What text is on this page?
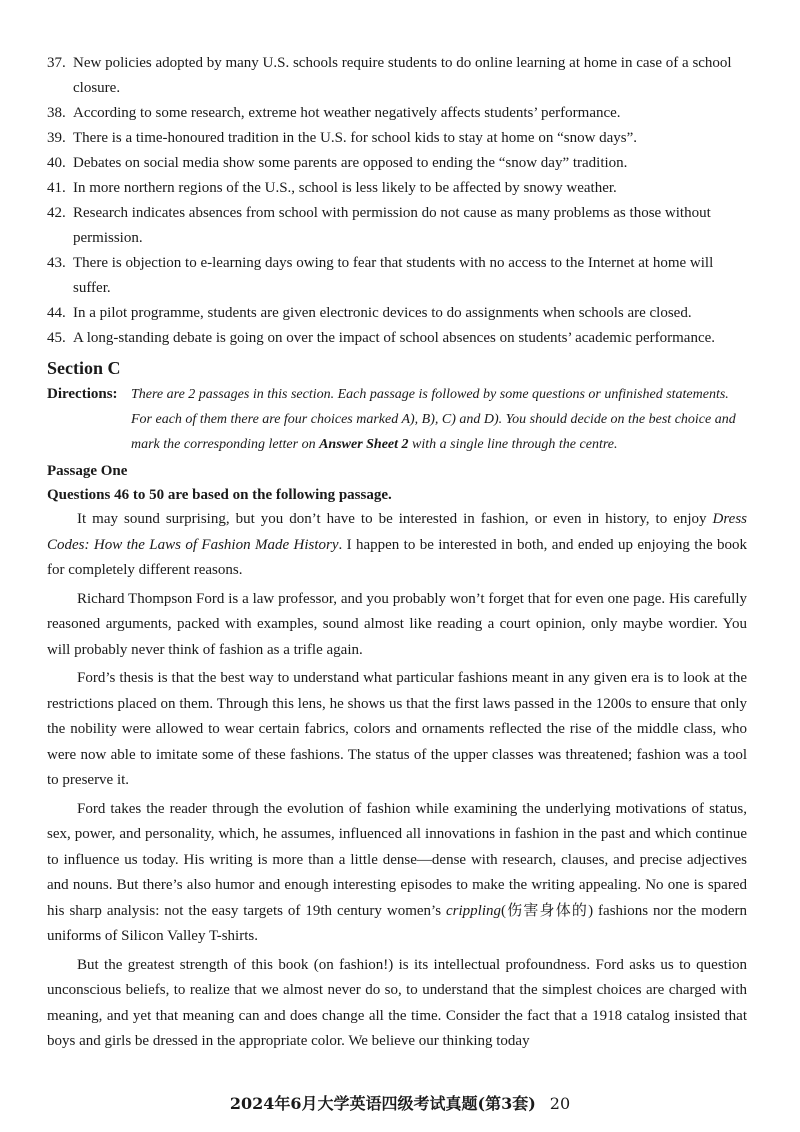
37. New policies adopted by many U.S. schools require students to do online learning at home in case of a school closure.
38. According to some research, extreme hot weather negatively affects students’ performance.
39. There is a time-honoured tradition in the U.S. for school kids to stay at home on “snow days”.
40. Debates on social media show some parents are opposed to ending the “snow day” tradition.
41. In more northern regions of the U.S., school is less likely to be affected by snowy weather.
42. Research indicates absences from school with permission do not cause as many problems as those without permission.
43. There is objection to e-learning days owing to fear that students with no access to the Internet at home will suffer.
44. In a pilot programme, students are given electronic devices to do assignments when schools are closed.
45. A long-standing debate is going on over the impact of school absences on students’ academic performance.
Section C
Directions: There are 2 passages in this section. Each passage is followed by some questions or unfinished statements. For each of them there are four choices marked A), B), C) and D). You should decide on the best choice and mark the corresponding letter on Answer Sheet 2 with a single line through the centre.
Passage One
Questions 46 to 50 are based on the following passage.

It may sound surprising, but you don’t have to be interested in fashion, or even in history, to enjoy Dress Codes: How the Laws of Fashion Made History. I happen to be interested in both, and ended up enjoying the book for completely different reasons.

Richard Thompson Ford is a law professor, and you probably won’t forget that for even one page. His carefully reasoned arguments, packed with examples, sound almost like reading a court opinion, only maybe wordier. You will probably never think of fashion as a trifle again.

Ford’s thesis is that the best way to understand what particular fashions meant in any given era is to look at the restrictions placed on them. Through this lens, he shows us that the first laws passed in the 1200s to ensure that only the nobility were allowed to wear certain fabrics, colors and ornaments reflected the rise of the middle class, who were now able to imitate some of these fashions. The status of the upper classes was threatened; fashion was a tool to preserve it.

Ford takes the reader through the evolution of fashion while examining the underlying motivations of status, sex, power, and personality, which, he assumes, influenced all innovations in fashion in the past and which continue to influence us today. His writing is more than a little dense—dense with research, clauses, and precise adjectives and nouns. But there’s also humor and enough interesting episodes to make the writing appealing. No one is spared his sharp analysis: not the easy targets of 19th century women’s crippling(伤害身体的) fashions nor the modern uniforms of Silicon Valley T-shirts.

But the greatest strength of this book (on fashion!) is its intellectual profoundness. Ford asks us to question unconscious beliefs, to realize that we almost never do so, to understand that the simplest choices are charged with meaning, and yet that meaning can and does change all the time. Consider the fact that a 1918 catalog insisted that boys and girls be dressed in the appropriate color. We believe our thinking today

2024年6月大学英语四级考试真题(第3套) 20
